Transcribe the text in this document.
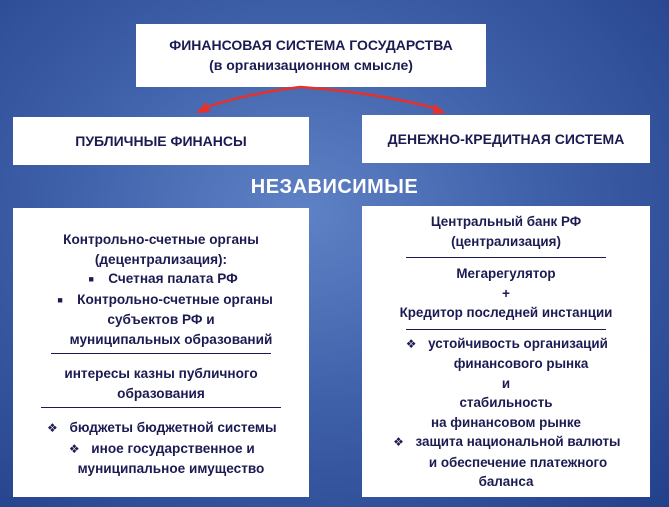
ФИНАНСОВАЯ СИСТЕМА ГОСУДАРСТВА
(в организационном смысле)
ПУБЛИЧНЫЕ ФИНАНСЫ	ДЕНЕЖНО-КРЕДИТНАЯ СИСТЕМА
НЕЗАВИСИМЫЕ
Контрольно-счетные органы
(децентрализация):
■ Счетная палата РФ
■ Контрольно-счетные органы
субъектов РФ и
муниципальных образований
интересы казны публичного
образования
❖ бюджеты бюджетной системы
❖ иное государственное и
муниципальное имущество
Центральный банк РФ
(централизация)
Мегарегулятор
+
Кредитор последней инстанции
❖ устойчивость организаций
финансового рынка
и
стабильность
на финансовом рынке
❖ защита национальной валюты
и обеспечение платежного
баланса
